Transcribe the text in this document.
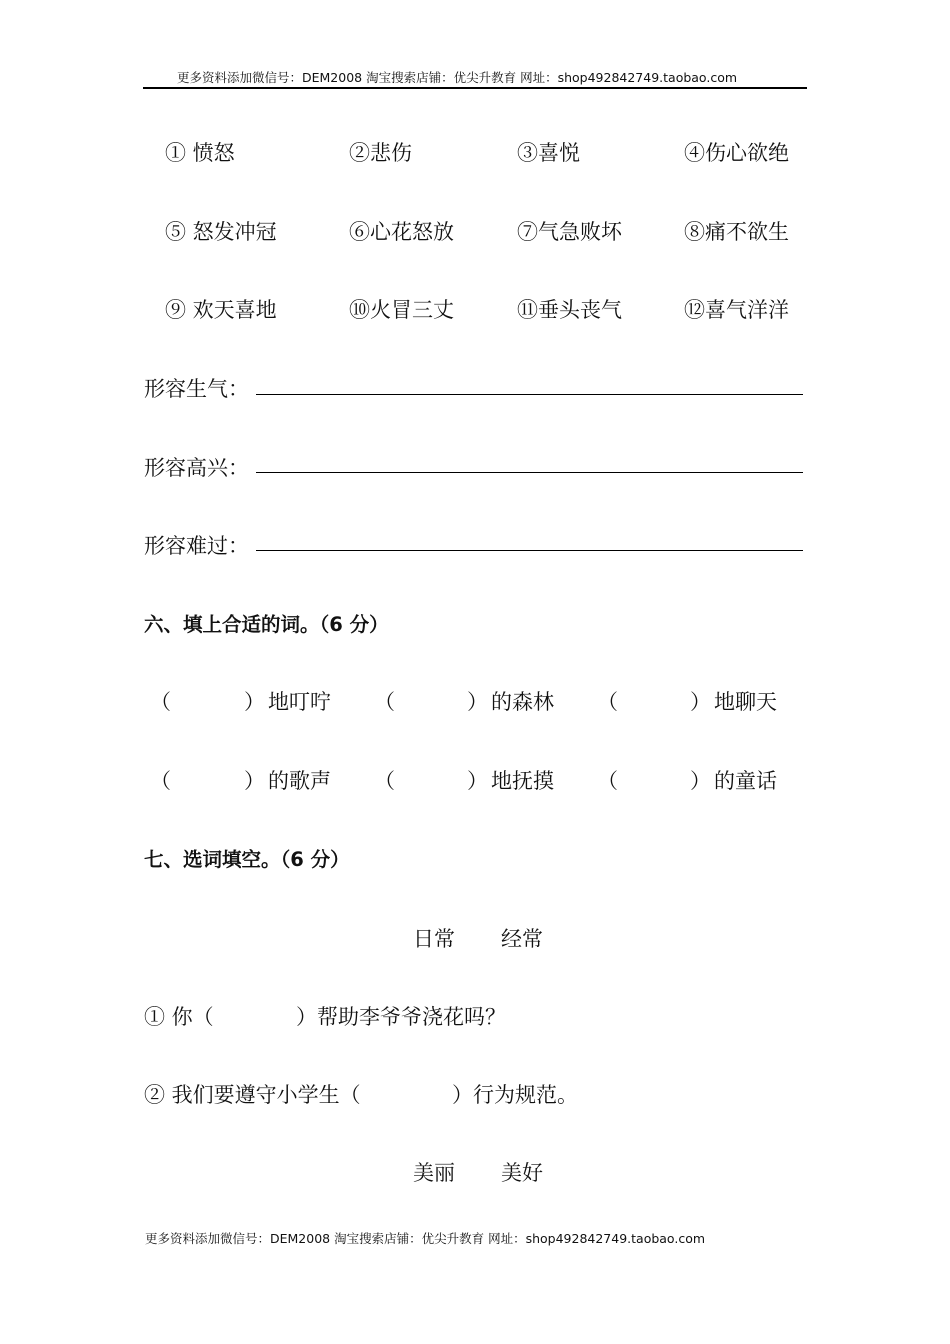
更多资料添加微信号：DEM2008 淘宝搜索店铺：优尖升教育 网址：shop492842749.taobao.com
① 愤怒	②悲伤	③喜悦	④伤心欲绝
⑤ 怒发冲冠	⑥心花怒放	⑦气急败坏	⑧痛不欲生
⑨ 欢天喜地	⑩火冒三丈	⑪垂头丧气	⑫喜气洋洋
形容生气：
形容高兴：
形容难过：
六、填上合适的词。（6 分）
（	） 地叮咛 （	） 的森林 （	） 地聊天
（	） 的歌声 （	） 地抚摸 （	） 的童话
七、选词填空。（6 分）
日常 经常
① 你（	）帮助李爷爷浇花吗？
② 我们要遵守小学生（	）行为规范。
美丽 美好
更多资料添加微信号：DEM2008 淘宝搜索店铺：优尖升教育 网址：shop492842749.taobao.com
